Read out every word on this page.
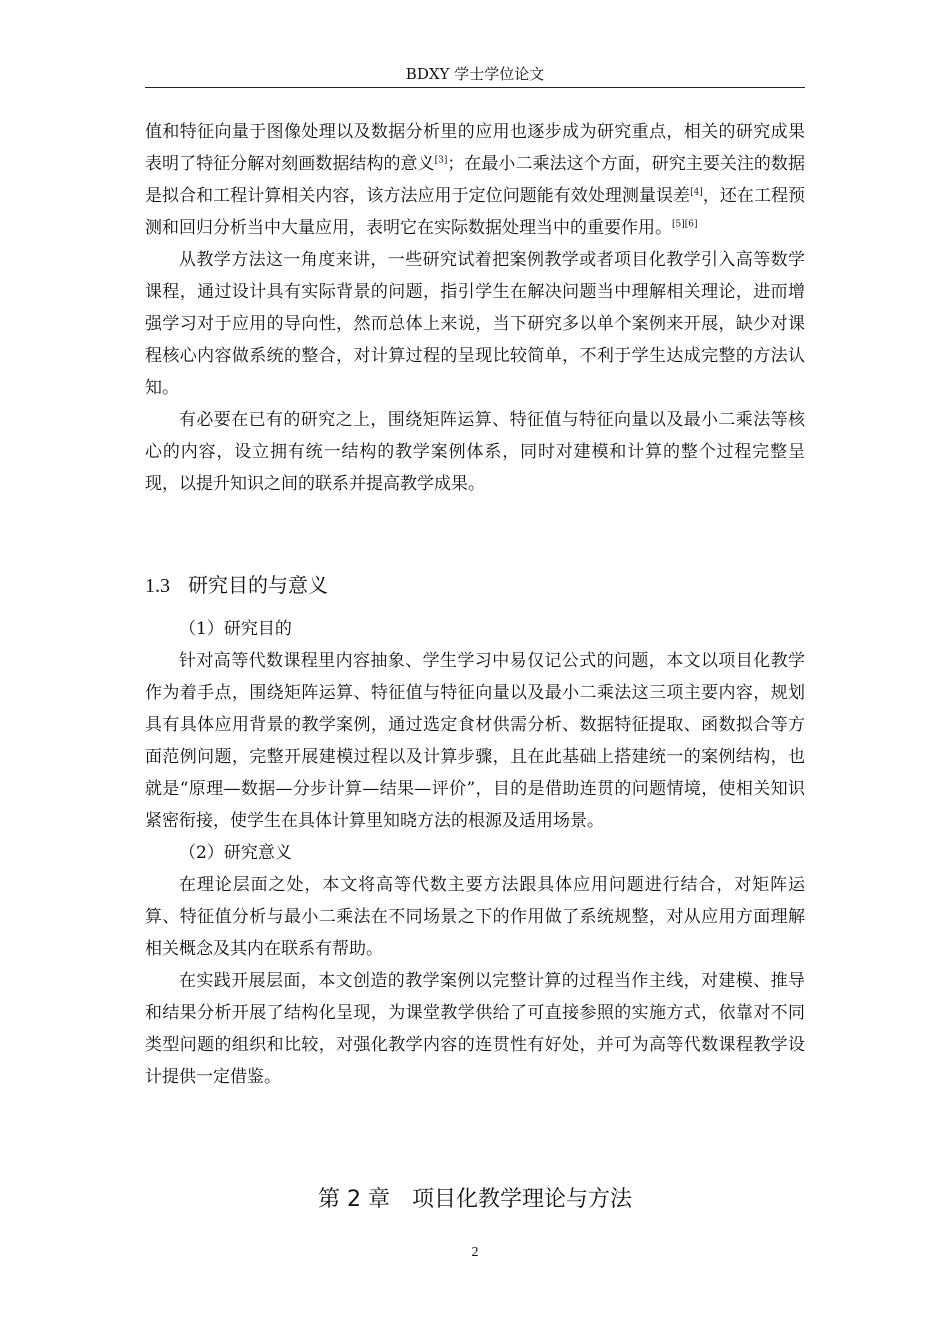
BDXY 学士学位论文

值和特征向量于图像处理以及数据分析里的应用也逐步成为研究重点，相关的研究成果表明了特征分解对刻画数据结构的意义[3]；在最小二乘法这个方面，研究主要关注的数据是拟合和工程计算相关内容，该方法应用于定位问题能有效处理测量误差[4]，还在工程预测和回归分析当中大量应用，表明它在实际数据处理当中的重要作用。[5][6]

从教学方法这一角度来讲，一些研究试着把案例教学或者项目化教学引入高等数学课程，通过设计具有实际背景的问题，指引学生在解决问题当中理解相关理论，进而增强学习对于应用的导向性，然而总体上来说，当下研究多以单个案例来开展，缺少对课程核心内容做系统的整合，对计算过程的呈现比较简单，不利于学生达成完整的方法认知。

有必要在已有的研究之上，围绕矩阵运算、特征值与特征向量以及最小二乘法等核心的内容，设立拥有统一结构的教学案例体系，同时对建模和计算的整个过程完整呈现，以提升知识之间的联系并提高教学成果。

1.3 研究目的与意义

（1）研究目的

针对高等代数课程里内容抽象、学生学习中易仅记公式的问题，本文以项目化教学作为着手点，围绕矩阵运算、特征值与特征向量以及最小二乘法这三项主要内容，规划具有具体应用背景的教学案例，通过选定食材供需分析、数据特征提取、函数拟合等方面范例问题，完整开展建模过程以及计算步骤，且在此基础上搭建统一的案例结构，也就是“原理—数据—分步计算—结果—评价”，目的是借助连贯的问题情境，使相关知识紧密衔接，使学生在具体计算里知晓方法的根源及适用场景。

（2）研究意义

在理论层面之处，本文将高等代数主要方法跟具体应用问题进行结合，对矩阵运算、特征值分析与最小二乘法在不同场景之下的作用做了系统规整，对从应用方面理解相关概念及其内在联系有帮助。

在实践开展层面，本文创造的教学案例以完整计算的过程当作主线，对建模、推导和结果分析开展了结构化呈现，为课堂教学供给了可直接参照的实施方式，依靠对不同类型问题的组织和比较，对强化教学内容的连贯性有好处，并可为高等代数课程教学设计提供一定借鉴。

第 2 章 项目化教学理论与方法
2
